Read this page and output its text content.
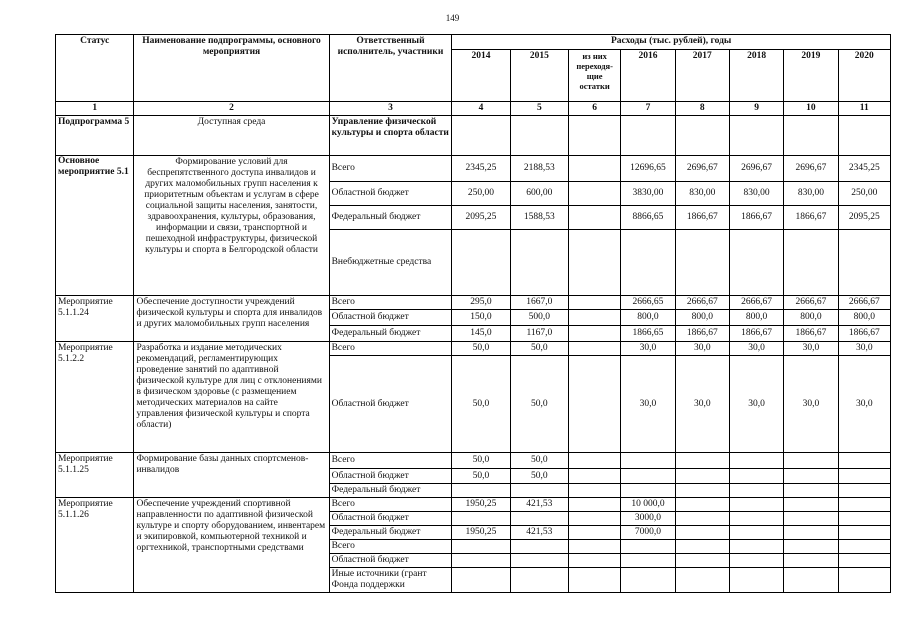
149
Статус	Наименование подпрограммы, основного мероприятия	Ответственный исполнитель, участники	Расходы (тыс. рублей), годы							
			2014	2015	из них переходя-щие остатки	2016	2017	2018	2019	2020
1	2	3	4	5	6	7	8	9	10	11
Подпрограмма 5	Доступная среда	Управление физической культуры и спорта области								
Основное мероприятие 5.1	Формирование условий для беспрепятственного доступа инвалидов и других маломобильных групп населения к приоритетным объектам и услугам в сфере социальной защиты населения, занятости, здравоохранения, культуры, образования, информации и связи, транспортной и пешеходной инфраструктуры, физической культуры и спорта в Белгородской области	Всего	2345,25	2188,53		12696,65	2696,67	2696,67	2696,67	2345,25
		Областной бюджет	250,00	600,00		3830,00	830,00	830,00	830,00	250,00
		Федеральный бюджет	2095,25	1588,53		8866,65	1866,67	1866,67	1866,67	2095,25
		Внебюджетные средства								
Мероприятие 5.1.1.24	Обеспечение доступности учреждений физической культуры и спорта для инвалидов и других маломобильных групп населения	Всего	295,0	1667,0		2666,65	2666,67	2666,67	2666,67	2666,67
		Областной бюджет	150,0	500,0		800,0	800,0	800,0	800,0	800,0
		Федеральный бюджет	145,0	1167,0		1866,65	1866,67	1866,67	1866,67	1866,67
Мероприятие 5.1.2.2	Разработка и издание методических рекомендаций, регламентирующих проведение занятий по адаптивной физической культуре для лиц с отклонениями в физическом здоровье (с размещением методических материалов на сайте управления физической культуры и спорта области)	Всего	50,0	50,0		30,0	30,0	30,0	30,0	30,0
		Областной бюджет	50,0	50,0		30,0	30,0	30,0	30,0	30,0
Мероприятие 5.1.1.25	Формирование базы данных спортсменов-инвалидов	Всего	50,0	50,0						
		Областной бюджет	50,0	50,0						
		Федеральный бюджет								
Мероприятие 5.1.1.26	Обеспечение учреждений спортивной направленности по адаптивной физической культуре и спорту оборудованием, инвентарем и экипировкой, компьютерной техникой и оргтехникой, транспортными средствами	Всего	1950,25	421,53		10 000,0				
		Областной бюджет				3000,0				
		Федеральный бюджет	1950,25	421,53		7000,0				
		Всего								
		Областной бюджет								
		Иные источники (грант Фонда поддержки								
